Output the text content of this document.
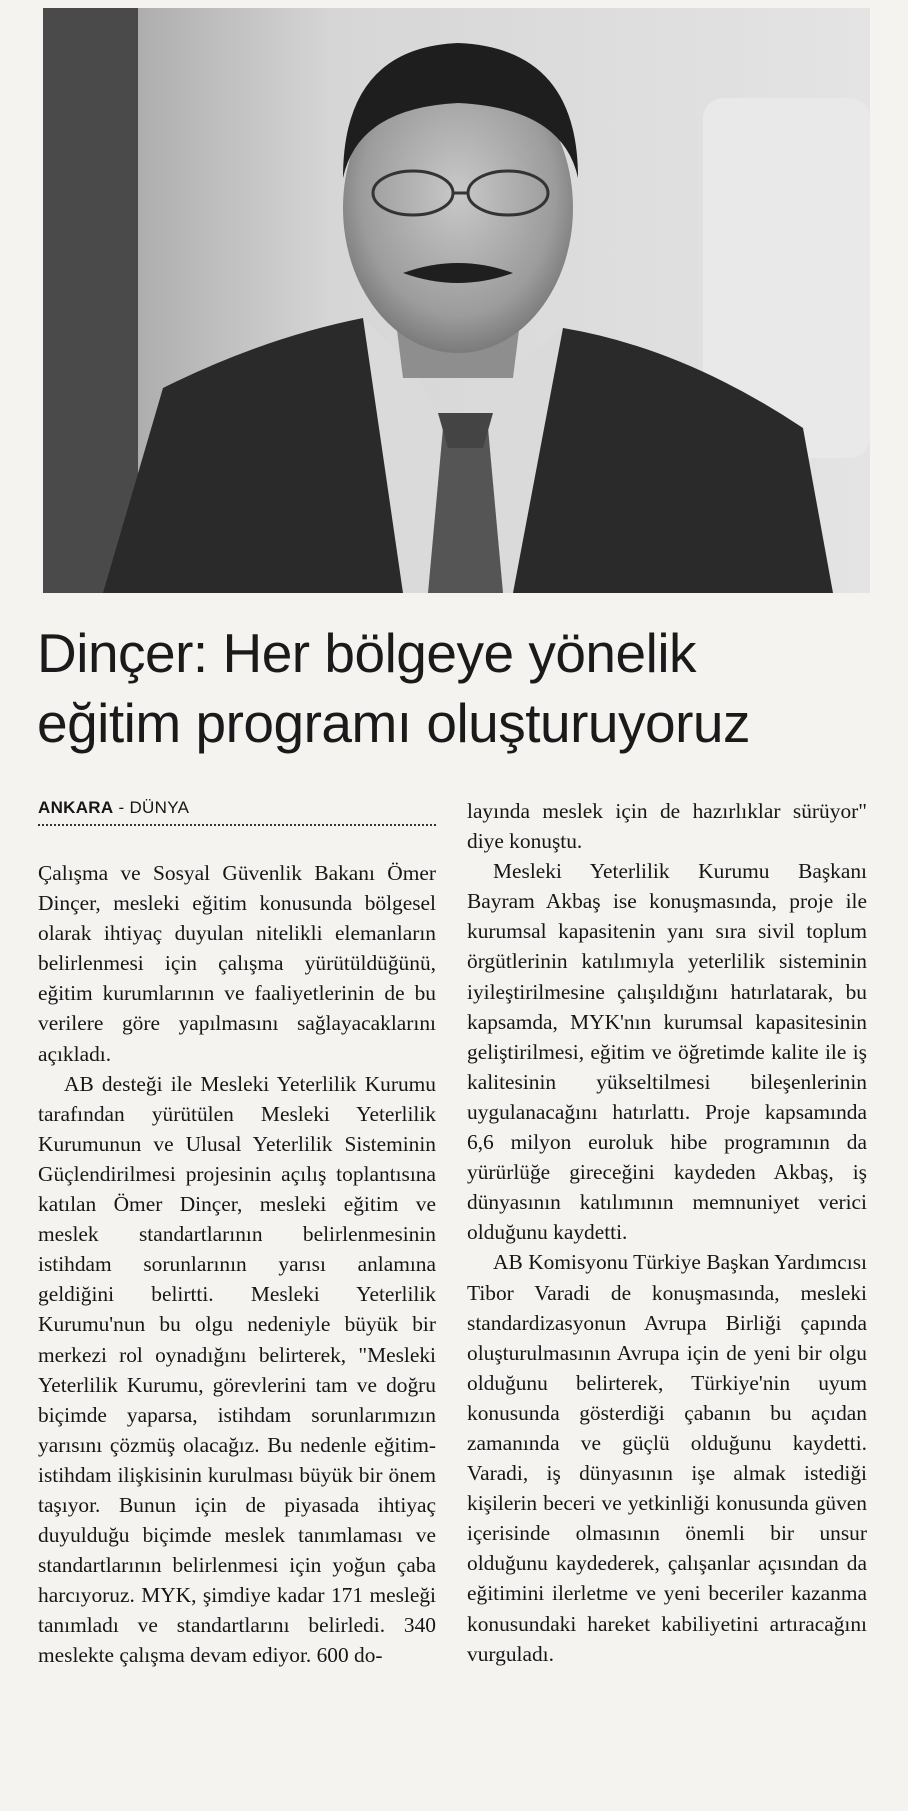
Dinçer: Her bölgeye yönelik
eğitim programı oluşturuyoruz
ANKARA - DÜNYA

Çalışma ve Sosyal Güvenlik Bakanı Ömer Dinçer, mesleki eğitim konusunda bölgesel olarak ihtiyaç duyulan nitelikli elemanların belirlenmesi için çalışma yürütüldüğünü, eğitim kurumlarının ve faaliyetlerinin de bu verilere göre yapılmasını sağlayacaklarını açıkladı.

AB desteği ile Mesleki Yeterlilik Kurumu tarafından yürütülen Mesleki Yeterlilik Kurumunun ve Ulusal Yeterlilik Sisteminin Güçlendirilmesi projesinin açılış toplantısına katılan Ömer Dinçer, mesleki eğitim ve meslek standartlarının belirlenmesinin istihdam sorunlarının yarısı anlamına geldiğini belirtti. Mesleki Yeterlilik Kurumu'nun bu olgu nedeniyle büyük bir merkezi rol oynadığını belirterek, "Mesleki Yeterlilik Kurumu, görevlerini tam ve doğru biçimde yaparsa, istihdam sorunlarımızın yarısını çözmüş olacağız. Bu nedenle eğitim-istihdam ilişkisinin kurulması büyük bir önem taşıyor. Bunun için de piyasada ihtiyaç duyulduğu biçimde meslek tanımlaması ve standartlarının belirlenmesi için yoğun çaba harcıyoruz. MYK, şimdiye kadar 171 mesleği tanımladı ve standartlarını belirledi. 340 meslekte çalışma devam ediyor. 600 do-

layında meslek için de hazırlıklar sürüyor" diye konuştu.

Mesleki Yeterlilik Kurumu Başkanı Bayram Akbaş ise konuşmasında, proje ile kurumsal kapasitenin yanı sıra sivil toplum örgütlerinin katılımıyla yeterlilik sisteminin iyileştirilmesine çalışıldığını hatırlatarak, bu kapsamda, MYK'nın kurumsal kapasitesinin geliştirilmesi, eğitim ve öğretimde kalite ile iş kalitesinin yükseltilmesi bileşenlerinin uygulanacağını hatırlattı. Proje kapsamında 6,6 milyon euroluk hibe programının da yürürlüğe gireceğini kaydeden Akbaş, iş dünyasının katılımının memnuniyet verici olduğunu kaydetti.

AB Komisyonu Türkiye Başkan Yardımcısı Tibor Varadi de konuşmasında, mesleki standardizasyonun Avrupa Birliği çapında oluşturulmasının Avrupa için de yeni bir olgu olduğunu belirterek, Türkiye'nin uyum konusunda gösterdiği çabanın bu açıdan zamanında ve güçlü olduğunu kaydetti. Varadi, iş dünyasının işe almak istediği kişilerin beceri ve yetkinliği konusunda güven içerisinde olmasının önemli bir unsur olduğunu kaydederek, çalışanlar açısından da eğitimini ilerletme ve yeni beceriler kazanma konusundaki hareket kabiliyetini artıracağını vurguladı.
